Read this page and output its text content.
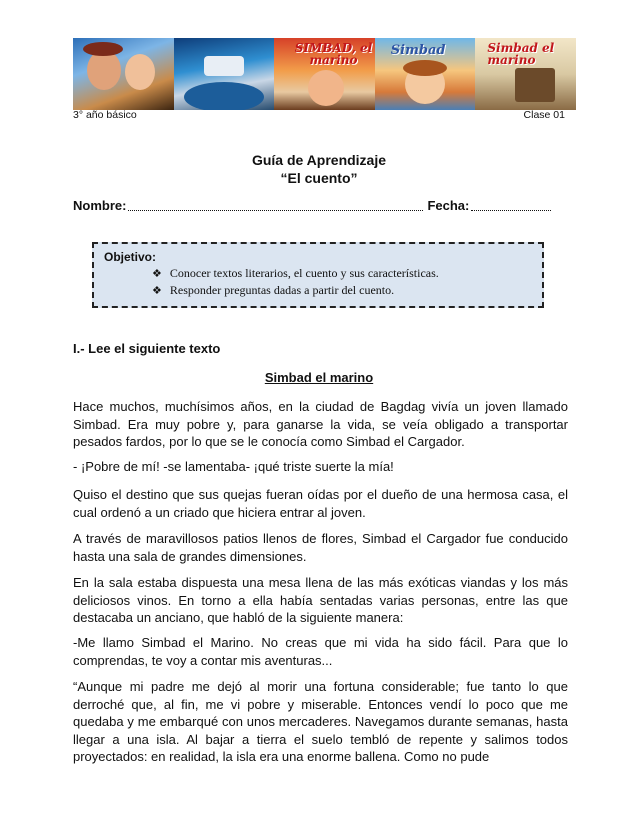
SIMBAD, el marino
Simbad	Simbad el marino
3° año básico	Clase 01
Guía de Aprendizaje
“El cuento”
Nombre:	Fecha:
Objetivo:
❖ Conocer textos literarios, el cuento y sus características.
❖ Responder preguntas dadas a partir del cuento.
I.- Lee el siguiente texto
Simbad el marino
Hace muchos, muchísimos años, en la ciudad de Bagdag vivía un joven llamado Simbad. Era muy pobre y, para ganarse la vida, se veía obligado a transportar pesados fardos, por lo que se le conocía como Simbad el Cargador.
- ¡Pobre de mí! -se lamentaba- ¡qué triste suerte la mía!
Quiso el destino que sus quejas fueran oídas por el dueño de una hermosa casa, el cual ordenó a un criado que hiciera entrar al joven.
A través de maravillosos patios llenos de flores, Simbad el Cargador fue conducido hasta una sala de grandes dimensiones.
En la sala estaba dispuesta una mesa llena de las más exóticas viandas y los más deliciosos vinos. En torno a ella había sentadas varias personas, entre las que destacaba un anciano, que habló de la siguiente manera:
-Me llamo Simbad el Marino. No creas que mi vida ha sido fácil. Para que lo comprendas, te voy a contar mis aventuras...
“Aunque mi padre me dejó al morir una fortuna considerable; fue tanto lo que derroché que, al fin, me vi pobre y miserable. Entonces vendí lo poco que me quedaba y me embarqué con unos mercaderes. Navegamos durante semanas, hasta llegar a una isla. Al bajar a tierra el suelo tembló de repente y salimos todos proyectados: en realidad, la isla era una enorme ballena. Como no pude
